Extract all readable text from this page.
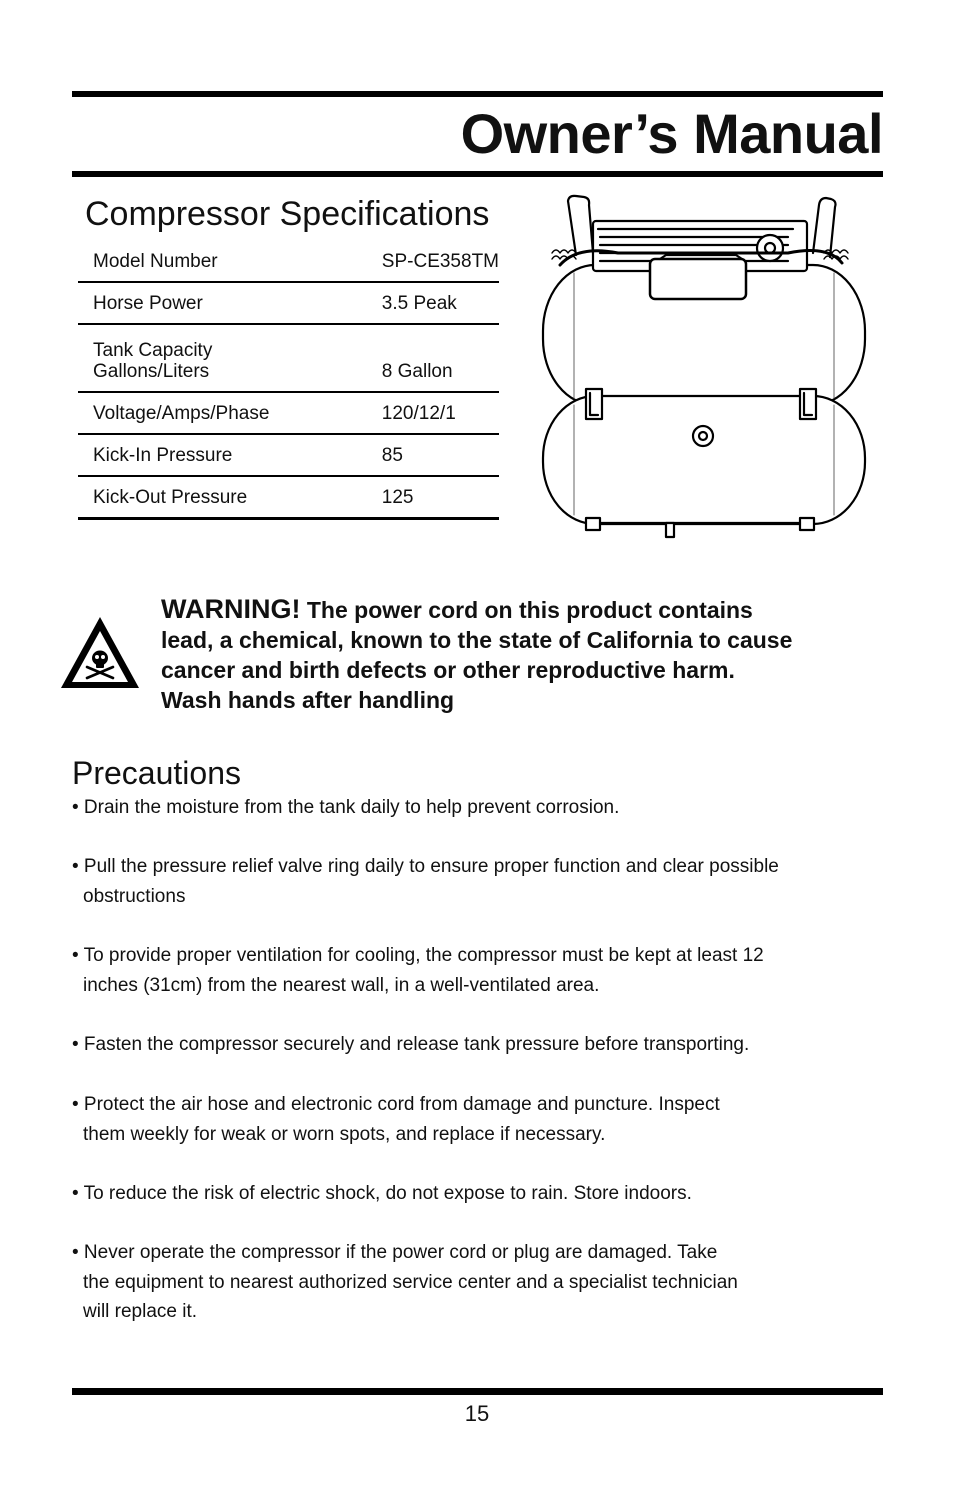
Owner’s Manual
Compressor Specifications
Model Number	SP-CE358TM
Horse Power	3.5 Peak
Tank Capacity
Gallons/Liters	8 Gallon
Voltage/Amps/Phase	120/12/1
Kick-In Pressure	85
Kick-Out Pressure	125

WARNING! The power cord on this product contains
lead, a chemical, known to the state of California to cause
cancer and birth defects or other reproductive harm.
Wash hands after handling

Precautions
• Drain the moisture from the tank daily to help prevent corrosion.
• Pull the pressure relief valve ring daily to ensure proper function and clear possible
obstructions
• To provide proper ventilation for cooling, the compressor must be kept at least 12
inches (31cm) from the nearest wall, in a well-ventilated area.
• Fasten the compressor securely and release tank pressure before transporting.
• Protect the air hose and electronic cord from damage and puncture. Inspect
them weekly for weak or worn spots, and replace if necessary.
• To reduce the risk of electric shock, do not expose to rain. Store indoors.
• Never operate the compressor if the power cord or plug are damaged. Take
the equipment to nearest authorized service center and a specialist technician
will replace it.
15
